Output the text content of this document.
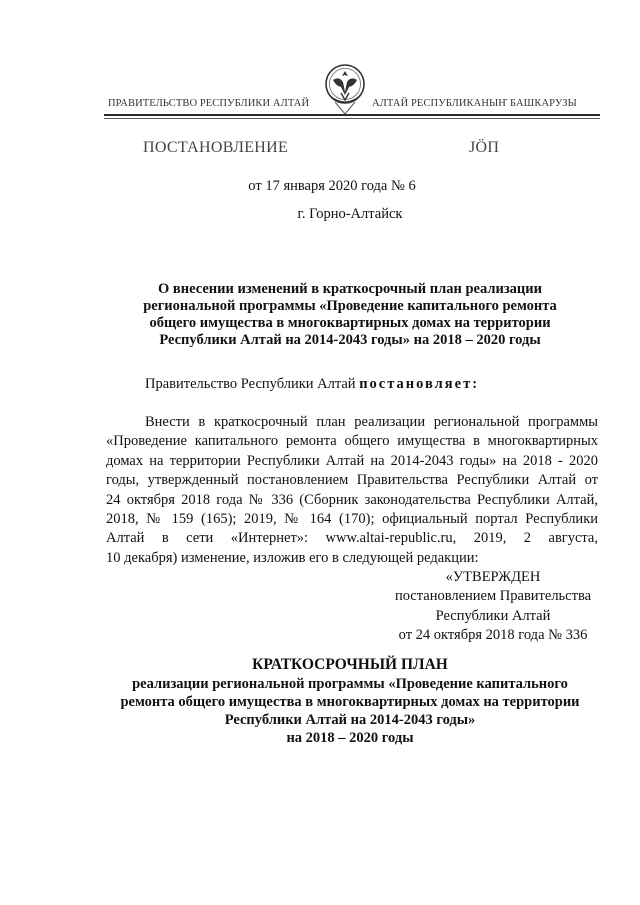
ПРАВИТЕЛЬСТВО РЕСПУБЛИКИ АЛТАЙ	АЛТАЙ РЕСПУБЛИКАНЫҤ БАШКАРУЗЫ
ПОСТАНОВЛЕНИЕ	JÖП
от 17 января 2020 года № 6
г. Горно-Алтайск
О внесении изменений в краткосрочный план реализации
региональной программы «Проведение капитального ремонта
общего имущества в многоквартирных домах на территории
Республики Алтай на 2014-2043 годы» на 2018 – 2020 годы
Правительство Республики Алтай постановляет:
Внести в краткосрочный план реализации региональной программы
«Проведение капитального ремонта общего имущества в многоквартирных
домах на территории Республики Алтай на 2014-2043 годы» на 2018 - 2020
годы, утвержденный постановлением Правительства Республики Алтай от
24 октября 2018 года № 336 (Сборник законодательства Республики Алтай,
2018, № 159 (165); 2019, № 164 (170); официальный портал Республики
Алтай в сети «Интернет»: www.altai-republic.ru, 2019, 2 августа,
10 декабря) изменение, изложив его в следующей редакции:
«УТВЕРЖДЕН
постановлением Правительства
Республики Алтай
от 24 октября 2018 года № 336
КРАТКОСРОЧНЫЙ ПЛАН
реализации региональной программы «Проведение капитального
ремонта общего имущества в многоквартирных домах на территории
Республики Алтай на 2014-2043 годы»
на 2018 – 2020 годы
